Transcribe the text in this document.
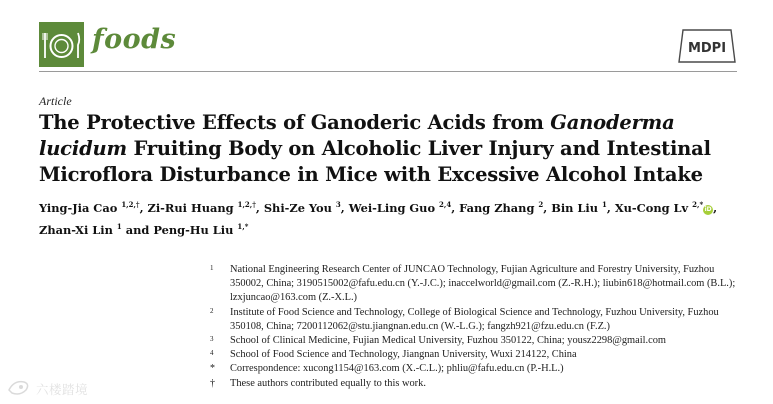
foods	MDPI
Article
The Protective Effects of Ganoderic Acids from Ganoderma lucidum Fruiting Body on Alcoholic Liver Injury and Intestinal Microflora Disturbance in Mice with Excessive Alcohol Intake
Ying-Jia Cao $^{1,2,\dagger}$, Zi-Rui Huang $^{1,2,\dagger}$, Shi-Ze You $^3$, Wei-Ling Guo $^{2,4}$, Fang Zhang $^2$, Bin Liu $^1$, Xu-Cong Lv $^{2,*}$iD,
Zhan-Xi Lin $^1$ and Peng-Hu Liu $^{1,*}$
1 National Engineering Research Center of JUNCAO Technology, Fujian Agriculture and Forestry University, Fuzhou 350002, China; 3190515002@fafu.edu.cn (Y.-J.C.); inaccelworld@gmail.com (Z.-R.H.); liubin618@hotmail.com (B.L.); lzxjuncao@163.com (Z.-X.L.)
2 Institute of Food Science and Technology, College of Biological Science and Technology, Fuzhou University, Fuzhou 350108, China; 7200112062@stu.jiangnan.edu.cn (W.-L.G.); fangzh921@fzu.edu.cn (F.Z.)
3 School of Clinical Medicine, Fujian Medical University, Fuzhou 350122, China; yousz2298@gmail.com
4 School of Food Science and Technology, Jiangnan University, Wuxi 214122, China
* Correspondence: xucong1154@163.com (X.-C.L.); phliu@fafu.edu.cn (P.-H.L.)
† These authors contributed equally to this work.
六楼踏境
